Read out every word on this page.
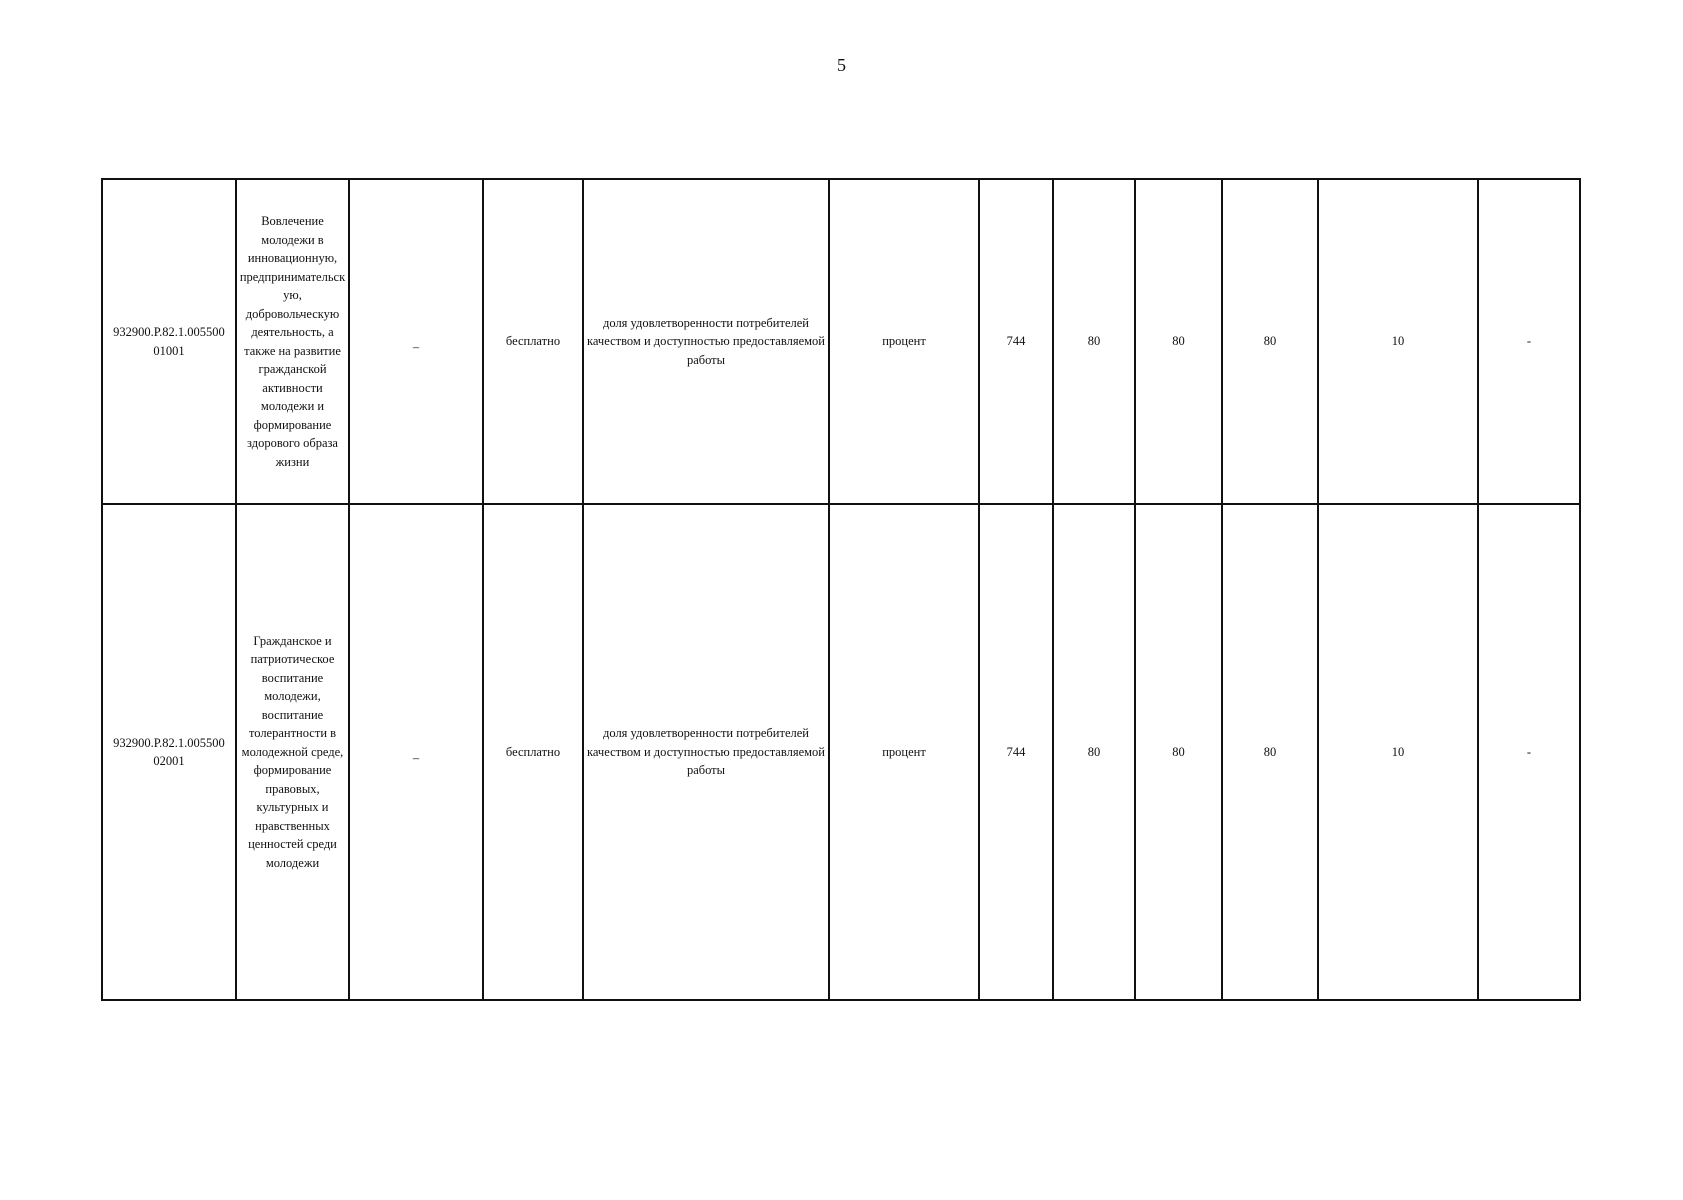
5
932900.Р.82.1.005500 01001	Вовлечение молодежи в инновационную, предпринимательскую, добровольческую деятельность, а также на развитие гражданской активности молодежи и формирование здорового образа жизни	–	бесплатно	доля удовлетворенности потребителей качеством и доступностью предоставляемой работы	процент	744	80	80	80	10	-
932900.Р.82.1.005500 02001	Гражданское и патриотическое воспитание молодежи, воспитание толерантности в молодежной среде, формирование правовых, культурных и нравственных ценностей среди молодежи	–	бесплатно	доля удовлетворенности потребителей качеством и доступностью предоставляемой работы	процент	744	80	80	80	10	-
